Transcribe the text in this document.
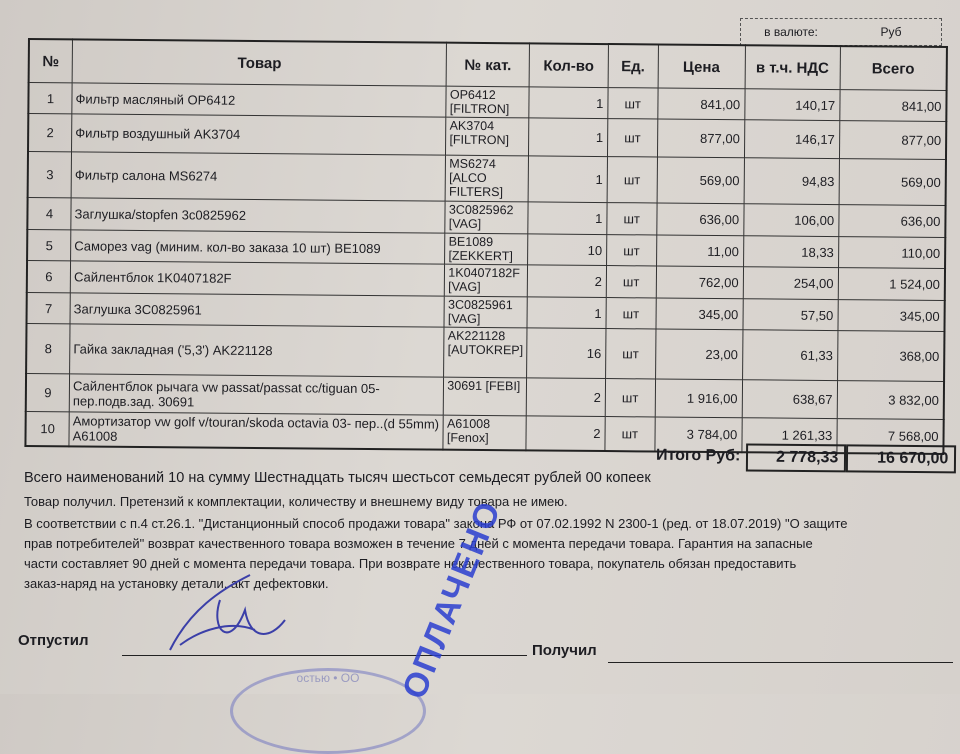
в валюте:	Руб
№	Товар	№ кат.	Кол-во	Ед.	Цена	в т.ч. НДС	Всего
1	Фильтр масляный OP6412	OP6412 [FILTRON]	1	шт	841,00	140,17	841,00
2	Фильтр воздушный AK3704	AK3704 [FILTRON]	1	шт	877,00	146,17	877,00
3	Фильтр салона MS6274	MS6274 [ALCO FILTERS]	1	шт	569,00	94,83	569,00
4	Заглушка/stopfen 3c0825962	3C0825962 [VAG]	1	шт	636,00	106,00	636,00
5	Саморез vag (миним. кол-во заказа 10 шт) BE1089	BE1089 [ZEKKERT]	10	шт	11,00	18,33	110,00
6	Сайлентблок 1K0407182F	1K0407182F [VAG]	2	шт	762,00	254,00	1 524,00
7	Заглушка 3C0825961	3C0825961 [VAG]	1	шт	345,00	57,50	345,00
8	Гайка закладная ('5,3') AK221128	AK221128 [AUTOKREP]	16	шт	23,00	61,33	368,00
9	Сайлентблок рычага vw passat/passat cc/tiguan 05- пер.подв.зад. 30691	30691 [FEBI]	2	шт	1 916,00	638,67	3 832,00
10	Амортизатор vw golf v/touran/skoda octavia 03- пер..(d 55mm) A61008	A61008 [Fenox]	2	шт	3 784,00	1 261,33	7 568,00
Итого Руб:	2 778,33	16 670,00
Всего наименований 10 на сумму Шестнадцать тысяч шестьсот семьдесят рублей 00 копеек
Товар получил. Претензий к комплектации, количеству и внешнему виду товара не имею.
В соответствии с п.4 ст.26.1. "Дистанционный способ продажи товара" закона РФ от 07.02.1992 N 2300-1 (ред. от 18.07.2019) "О защите
прав потребителей" возврат качественного товара возможен в течение 7 дней с момента передачи товара. Гарантия на запасные
части составляет 90 дней с момента передачи товара. При возврате некачественного товара, покупатель обязан предоставить
заказ-наряд на установку детали, акт дефектовки.
Отпустил
Получил
остью • ОО	ОПЛАЧЕНО
